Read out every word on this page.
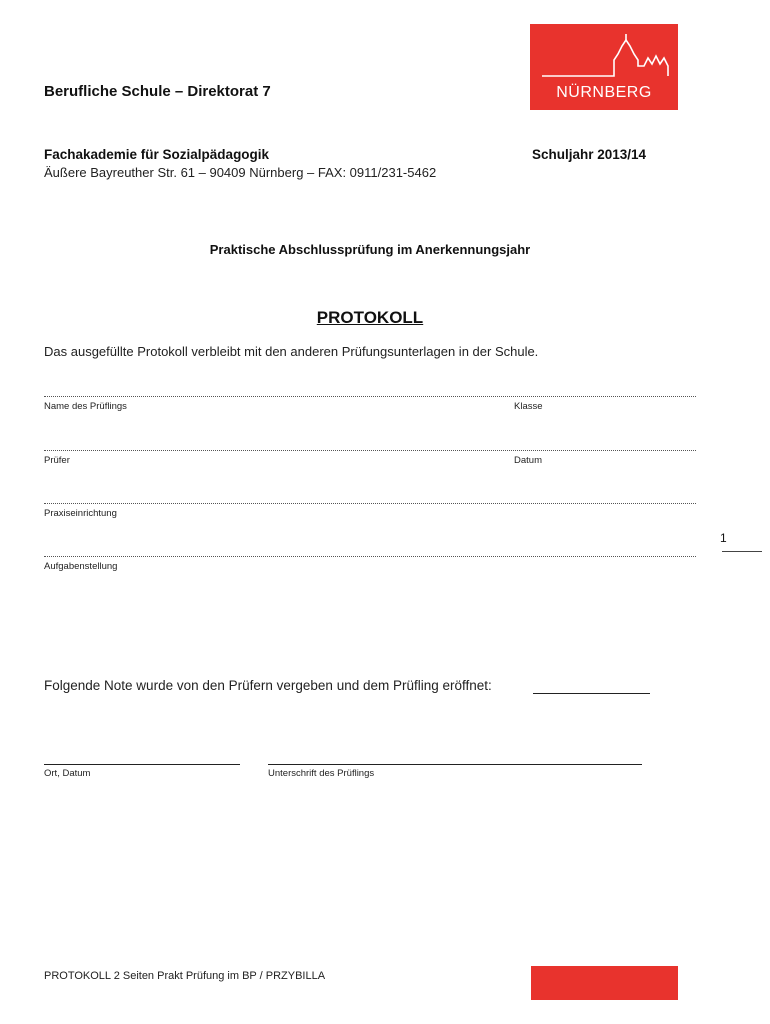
NÜRNBERG
Berufliche Schule – Direktorat 7
Fachakademie für Sozialpädagogik	Schuljahr 2013/14
Äußere Bayreuther Str. 61 – 90409 Nürnberg – FAX: 0911/231-5462
Praktische Abschlussprüfung im Anerkennungsjahr
PROTOKOLL
Das ausgefüllte Protokoll verbleibt mit den anderen Prüfungsunterlagen in der Schule.
Name des Prüflings	Klasse
Prüfer	Datum
Praxiseinrichtung
1
Aufgabenstellung
Folgende Note wurde von den Prüfern vergeben und dem Prüfling eröffnet:
Ort, Datum	Unterschrift des Prüflings
PROTOKOLL 2 Seiten Prakt Prüfung im BP / PRZYBILLA
